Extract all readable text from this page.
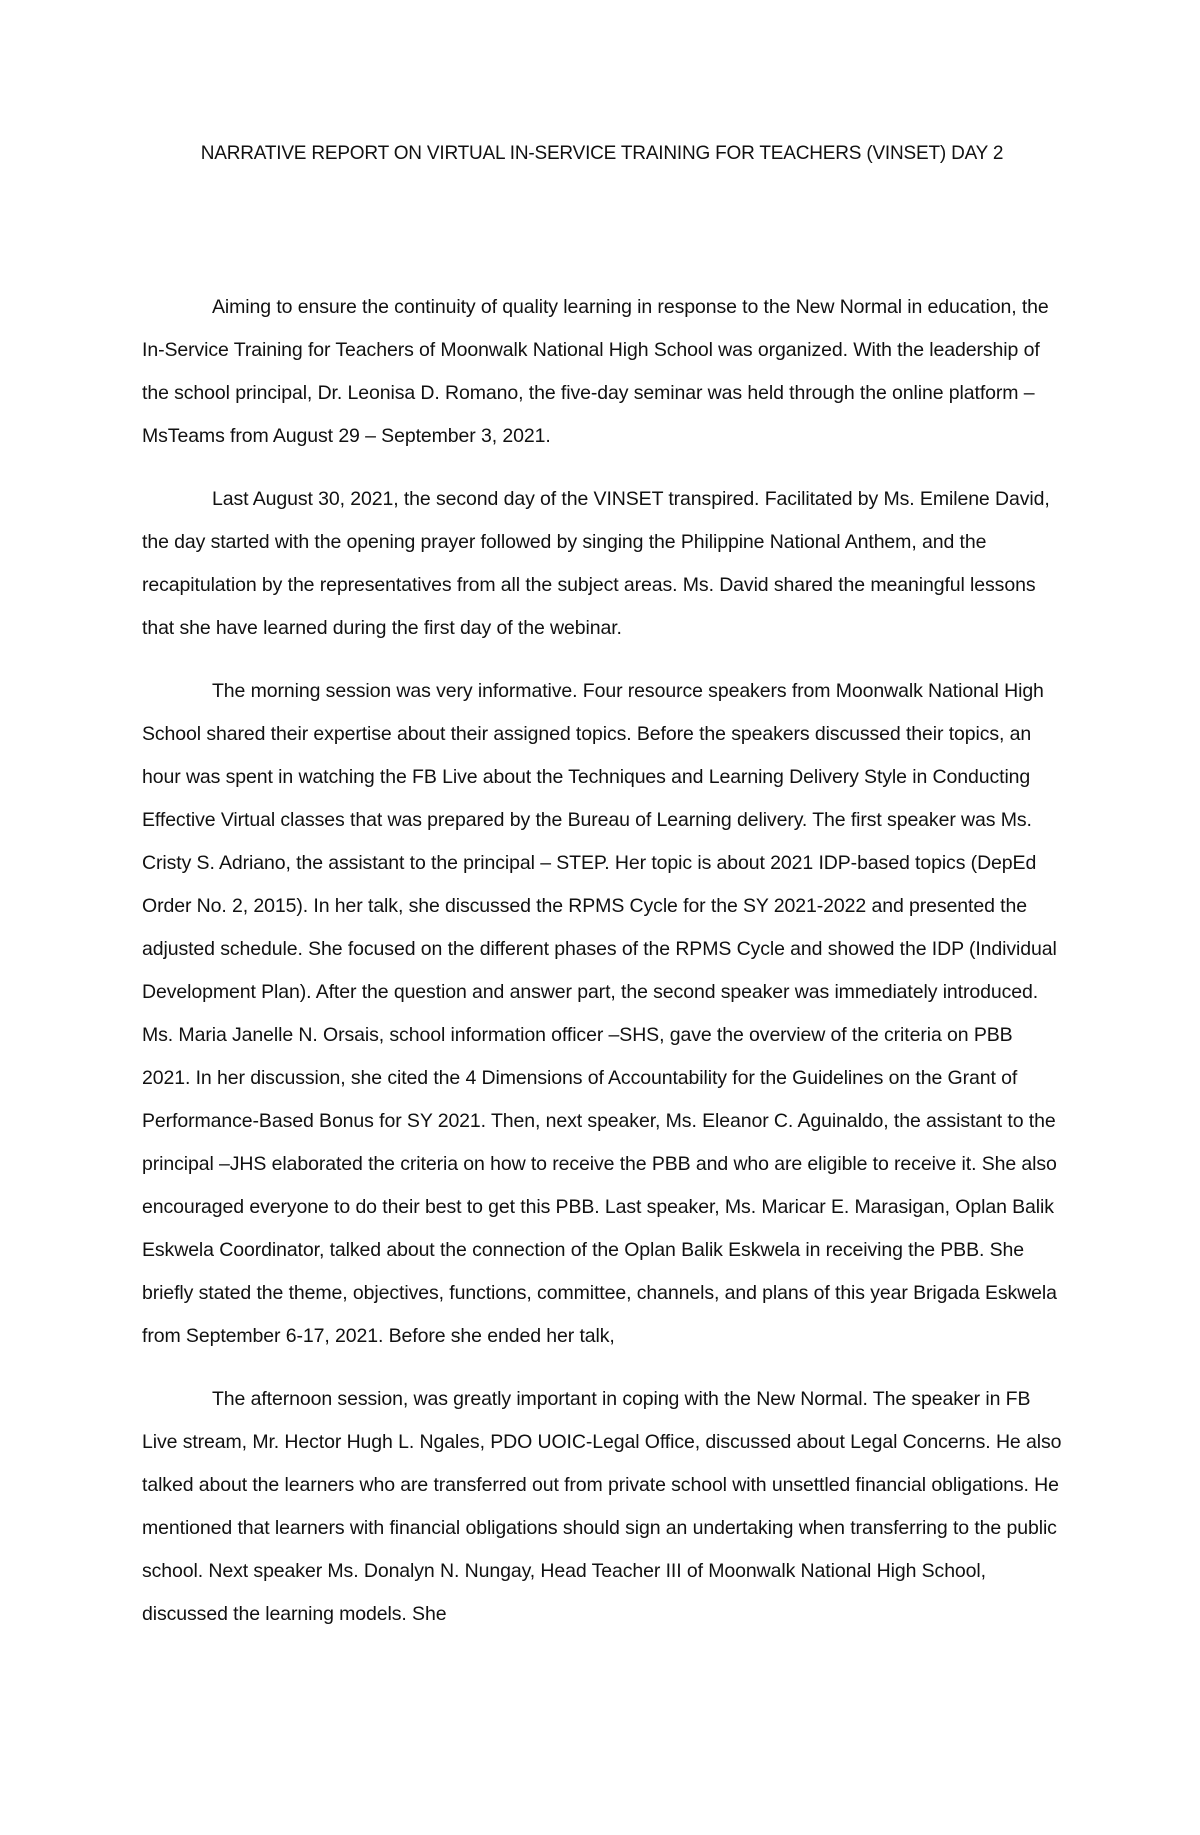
NARRATIVE REPORT ON VIRTUAL IN-SERVICE TRAINING FOR TEACHERS (VINSET) DAY 2

Aiming to ensure the continuity of quality learning in response to the New Normal in education, the In-Service Training for Teachers of Moonwalk National High School was organized. With the leadership of the school principal, Dr. Leonisa D. Romano, the five-day seminar was held through the online platform – MsTeams from August 29 – September 3, 2021.

Last August 30, 2021, the second day of the VINSET transpired. Facilitated by Ms. Emilene David, the day started with the opening prayer followed by singing the Philippine National Anthem, and the recapitulation by the representatives from all the subject areas. Ms. David shared the meaningful lessons that she have learned during the first day of the webinar.

The morning session was very informative. Four resource speakers from Moonwalk National High School shared their expertise about their assigned topics. Before the speakers discussed their topics, an hour was spent in watching the FB Live about the Techniques and Learning Delivery Style in Conducting Effective Virtual classes that was prepared by the Bureau of Learning delivery. The first speaker was Ms. Cristy S. Adriano, the assistant to the principal – STEP. Her topic is about 2021 IDP-based topics (DepEd Order No. 2, 2015). In her talk, she discussed the RPMS Cycle for the SY 2021-2022 and presented the adjusted schedule. She focused on the different phases of the RPMS Cycle and showed the IDP (Individual Development Plan). After the question and answer part, the second speaker was immediately introduced. Ms. Maria Janelle N. Orsais, school information officer –SHS, gave the overview of the criteria on PBB 2021. In her discussion, she cited the 4 Dimensions of Accountability for the Guidelines on the Grant of Performance-Based Bonus for SY 2021. Then, next speaker, Ms. Eleanor C. Aguinaldo, the assistant to the principal –JHS elaborated the criteria on how to receive the PBB and who are eligible to receive it. She also encouraged everyone to do their best to get this PBB. Last speaker, Ms. Maricar E. Marasigan, Oplan Balik Eskwela Coordinator, talked about the connection of the Oplan Balik Eskwela in receiving the PBB. She briefly stated the theme, objectives, functions, committee, channels, and plans of this year Brigada Eskwela from September 6-17, 2021. Before she ended her talk,

The afternoon session, was greatly important in coping with the New Normal. The speaker in FB Live stream, Mr. Hector Hugh L. Ngales, PDO UOIC-Legal Office, discussed about Legal Concerns. He also talked about the learners who are transferred out from private school with unsettled financial obligations. He mentioned that learners with financial obligations should sign an undertaking when transferring to the public school. Next speaker Ms. Donalyn N. Nungay, Head Teacher III of Moonwalk National High School, discussed the learning models. She
